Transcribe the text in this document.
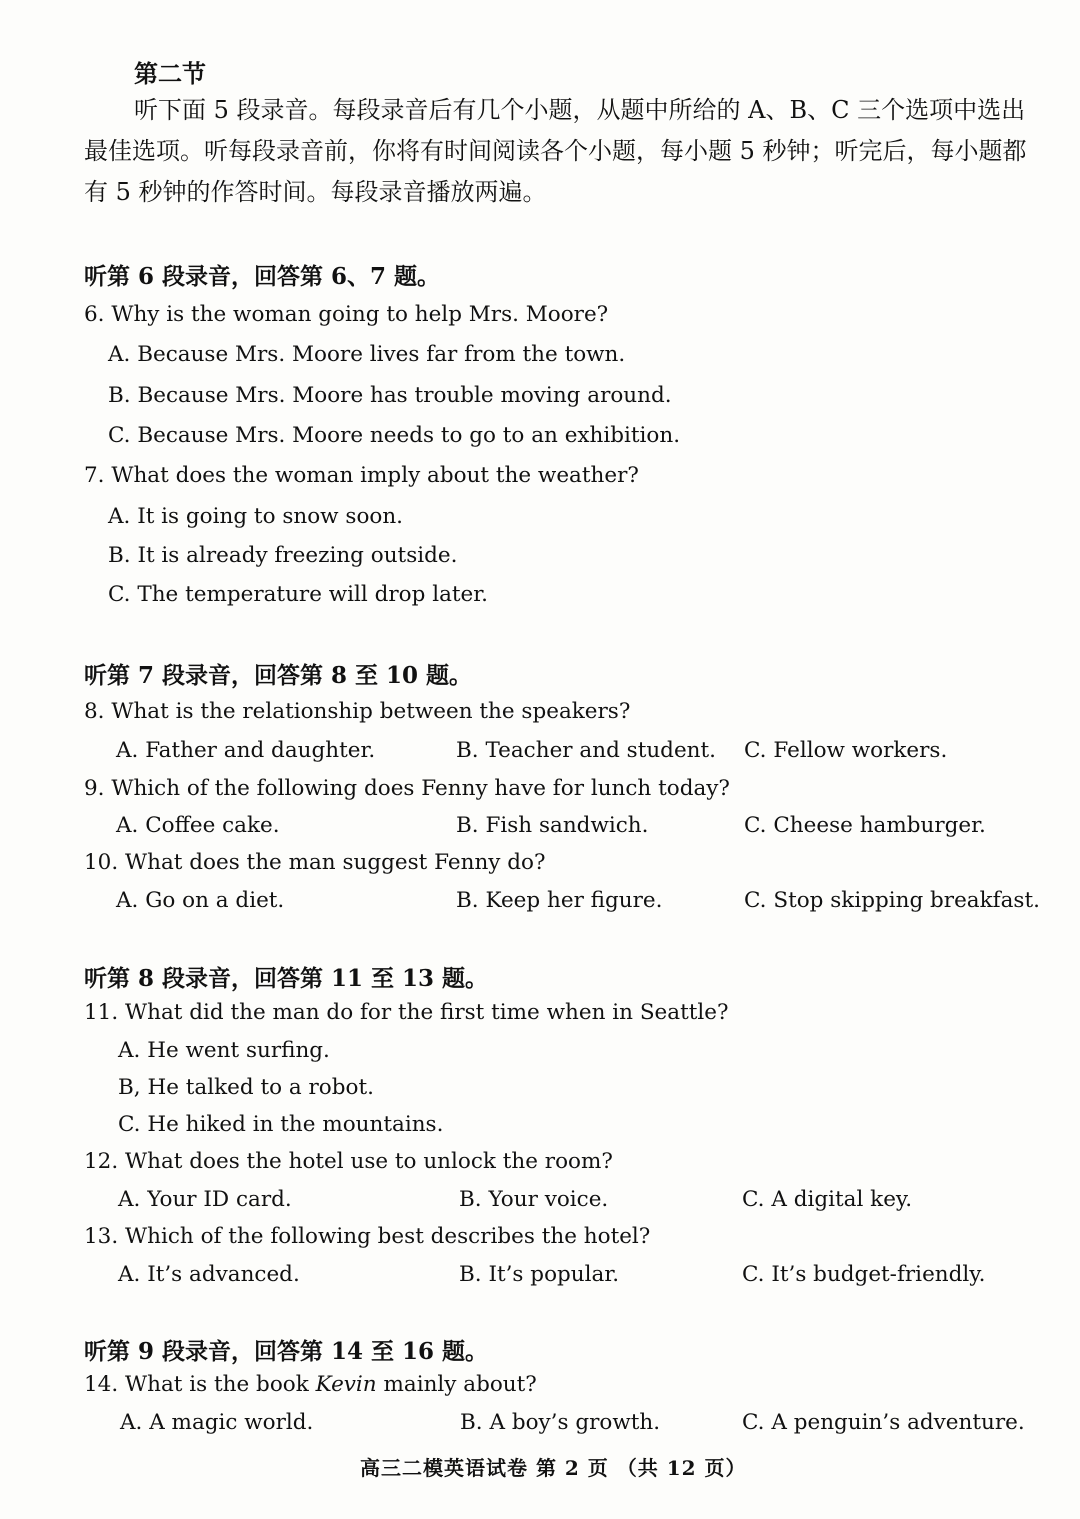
第二节
听下面 5 段录音。每段录音后有几个小题，从题中所给的 A、B、C 三个选项中选出
最佳选项。听每段录音前，你将有时间阅读各个小题，每小题 5 秒钟；听完后，每小题都
有 5 秒钟的作答时间。每段录音播放两遍。
听第 6 段录音，回答第 6、7 题。
6. Why is the woman going to help Mrs. Moore?
A. Because Mrs. Moore lives far from the town.
B. Because Mrs. Moore has trouble moving around.
C. Because Mrs. Moore needs to go to an exhibition.
7. What does the woman imply about the weather?
A. It is going to snow soon.
B. It is already freezing outside.
C. The temperature will drop later.
听第 7 段录音，回答第 8 至 10 题。
8. What is the relationship between the speakers?
A. Father and daughter.	B. Teacher and student. C. Fellow workers.
9. Which of the following does Fenny have for lunch today?
A. Coffee cake.	B. Fish sandwich.	C. Cheese hamburger.
10. What does the man suggest Fenny do?
A. Go on a diet.	B. Keep her figure.	C. Stop skipping breakfast.
听第 8 段录音，回答第 11 至 13 题。
11. What did the man do for the first time when in Seattle?
A. He went surfing.
B, He talked to a robot.
C. He hiked in the mountains.
12. What does the hotel use to unlock the room?
A. Your ID card.	B. Your voice.	C. A digital key.
13. Which of the following best describes the hotel?
A. It’s advanced.	B. It’s popular.	C. It’s budget-friendly.
听第 9 段录音，回答第 14 至 16 题。
14. What is the book Kevin mainly about?
A. A magic world.	B. A boy’s growth.	C. A penguin’s adventure.
高三二模英语试卷 第 2 页 （共 12 页）
